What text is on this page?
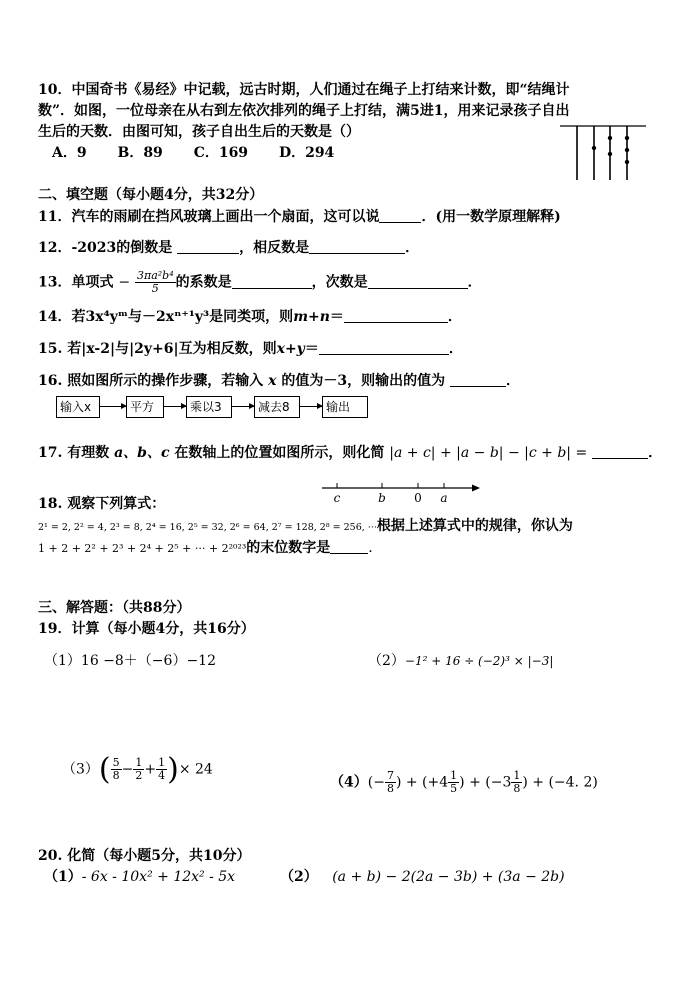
10．中国奇书《易经》中记载，远古时期，人们通过在绳子上打结来计数，即“结绳计
数”．如图，一位母亲在从右到左依次排列的绳子上打结，满5进1，用来记录孩子自出
生后的天数．由图可知，孩子自出生后的天数是（）
A．9 B．89 C．169 D．294
二、填空题（每小题4分，共32分）
11．汽车的雨刷在挡风玻璃上画出一个扇面，这可以说	．(用一数学原理解释)
12．-2023的倒数是	，相反数是	．
13．单项式 − $\frac{\text{3πa²b⁴}}{5}$ 的系数是	，次数是	．
14．若3x⁴yᵐ与－2xⁿ⁺¹y³是同类项，则m+n＝	．
15. 若|x-2|与|2y+6|互为相反数，则x+y＝	．
16. 照如图所示的操作步骤，若输入 x 的值为－3，则输出的值为	．
输入x	平方	乘以3	减去8	输出
17. 有理数 a、b、c 在数轴上的位置如图所示，则化简 |a + c| + |a − b| − |c + b| =	．
c	b 0 a
18. 观察下列算式：
2¹ = 2, 2² = 4, 2³ = 8, 2⁴ = 16, 2⁵ = 32, 2⁶ = 64, 2⁷ = 128, 2⁸ = 256, ···根据上述算式中的规律，你认为
1 + 2 + 2² + 2³ + 2⁴ + 2⁵ + ··· + 2²⁰²³的末位数字是	.
三、解答题：（共88分）
19．计算（每小题4分，共16分）
（1）16 −8＋（−6）−12	（2）−1² + 16 ÷ (−2)³ × |−3|
$(3)( \frac{5}{8} - \frac{1}{2} + \frac{1}{4}$ )× 24
$(4)(- \frac{7}{8}$ ) + ($+4 \frac{1}{5}$ ) + ($-3 \frac{1}{8}$ ) + (−4. 2)
20. 化简（每小题5分，共10分）
（1）- 6x - 10x² + 12x² - 5x	（2） (a + b) − 2(2a − 3b) + (3a − 2b)
